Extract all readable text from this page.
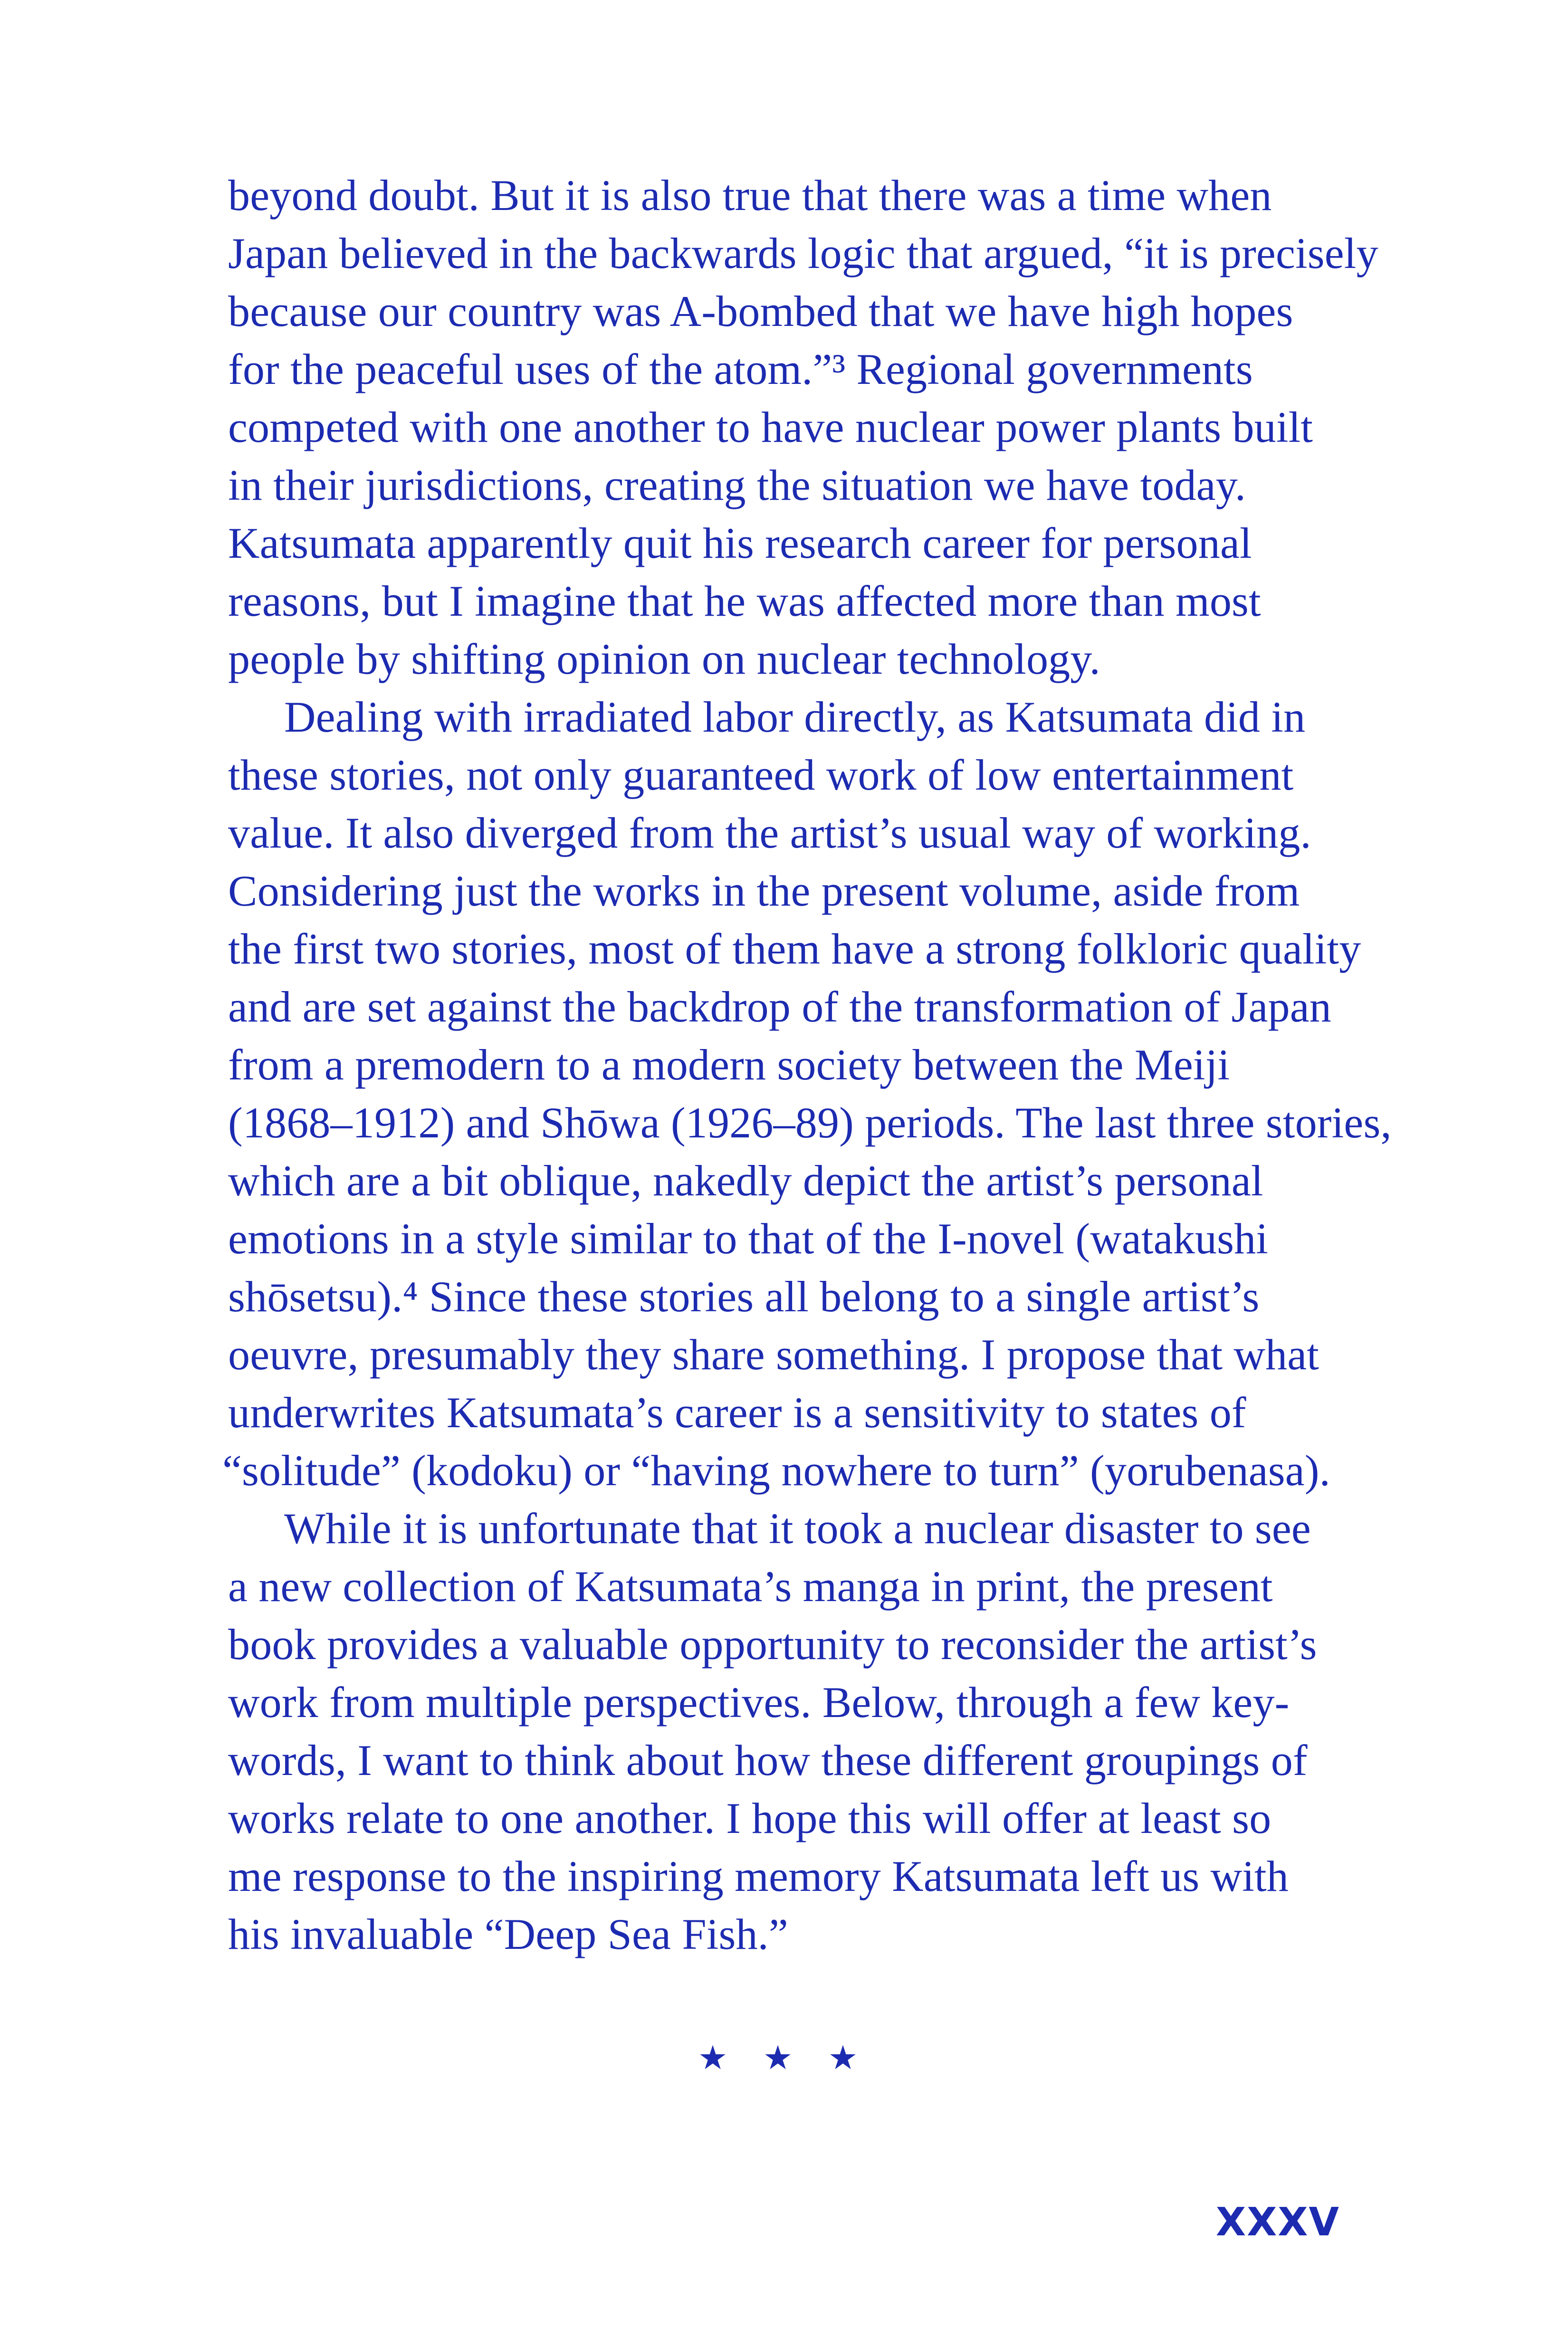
beyond doubt. But it is also true that there was a time when
Japan believed in the backwards logic that argued, “it is precisely
because our country was A-bombed that we have high hopes
for the peaceful uses of the atom.”³ Regional governments
competed with one another to have nuclear power plants built
in their jurisdictions, creating the situation we have today.
Katsumata apparently quit his research career for personal
reasons, but I imagine that he was affected more than most
people by shifting opinion on nuclear technology.
Dealing with irradiated labor directly, as Katsumata did in
these stories, not only guaranteed work of low entertainment
value. It also diverged from the artist’s usual way of working.
Considering just the works in the present volume, aside from
the first two stories, most of them have a strong folkloric quality
and are set against the backdrop of the transformation of Japan
from a premodern to a modern society between the Meiji
(1868–1912) and Shōwa (1926–89) periods. The last three stories,
which are a bit oblique, nakedly depict the artist’s personal
emotions in a style similar to that of the I-novel (watakushi
shōsetsu).⁴ Since these stories all belong to a single artist’s
oeuvre, presumably they share something. I propose that what
underwrites Katsumata’s career is a sensitivity to states of
“solitude” (kodoku) or “having nowhere to turn” (yorubenasa).
While it is unfortunate that it took a nuclear disaster to see
a new collection of Katsumata’s manga in print, the present
book provides a valuable opportunity to reconsider the artist’s
work from multiple perspectives. Below, through a few key-
words, I want to think about how these different groupings of
works relate to one another. I hope this will offer at least so
me response to the inspiring memory Katsumata left us with
his invaluable “Deep Sea Fish.”
★ ★ ★
XXXV
